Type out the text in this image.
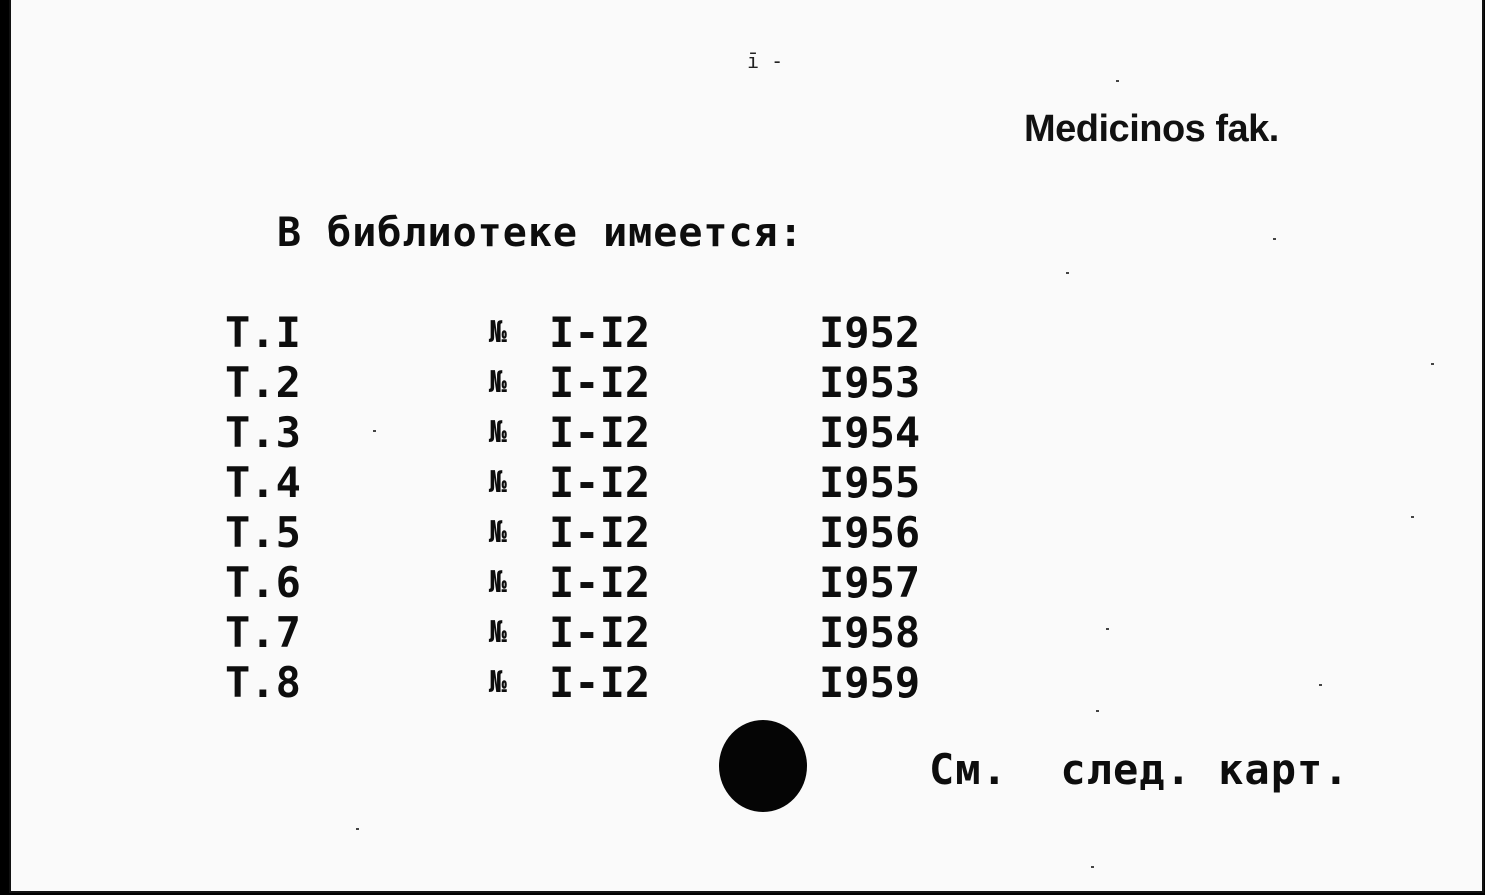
ī -
Medicinos fak.
В библиотеке имеется:
Т.I	№ I-I2	I952
Т.2	№ I-I2	I953
Т.3	№ I-I2	I954
Т.4	№ I-I2	I955
Т.5	№ I-I2	I956
Т.6	№ I-I2	I957
Т.7	№ I-I2	I958
Т.8	№ I-I2	I959
См.  след. карт.
